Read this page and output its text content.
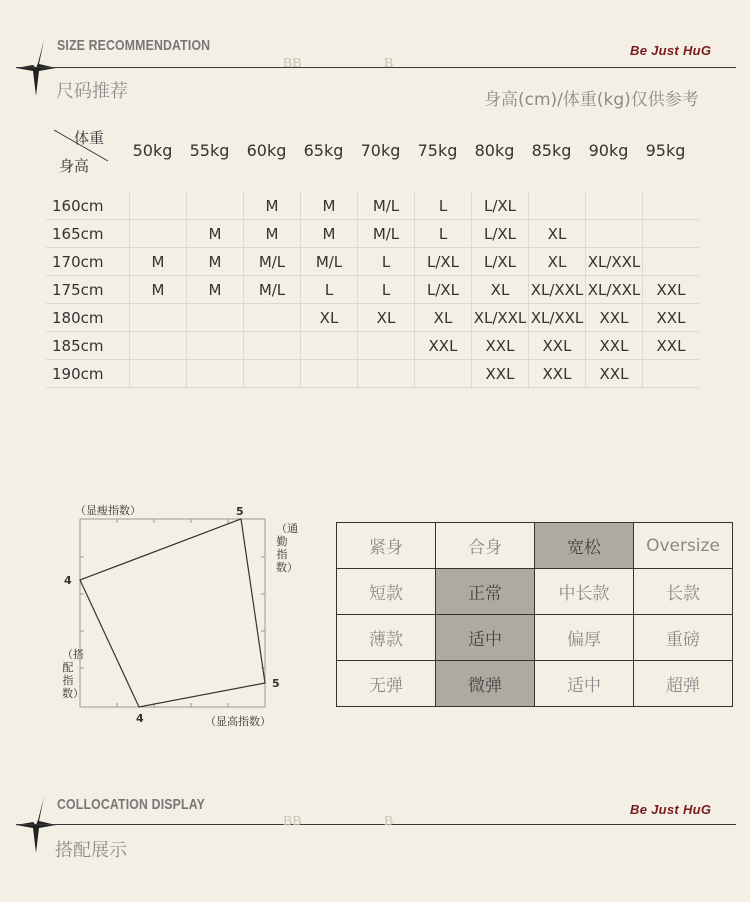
SIZE RECOMMENDATION
尺码推荐
BB	B
Be Just HuG
身高(cm)/体重(kg)仅供参考
体重
身高
50kg	55kg	60kg	65kg	70kg	75kg	80kg	85kg	90kg	95kg
160cm			M	M	M/L	L	L/XL			
165cm		M	M	M	M/L	L	L/XL	XL		
170cm	M	M	M/L	M/L	L	L/XL	L/XL	XL	XL/XXL	
175cm	M	M	M/L	L	L	L/XL	XL	XL/XXL	XL/XXL	XXL
180cm				XL	XL	XL	XL/XXL	XL/XXL	XXL	XXL
185cm						XXL	XXL	XXL	XXL	XXL
190cm							XXL	XXL	XXL	
（显瘦指数）
（显高指数）
（通勤指数）
（搭配指数）
5
4
5
4
紧身	合身	宽松	Oversize
短款	正常	中长款	长款
薄款	适中	偏厚	重磅
无弹	微弹	适中	超弹
COLLOCATION DISPLAY
搭配展示
BB	B
Be Just HuG
